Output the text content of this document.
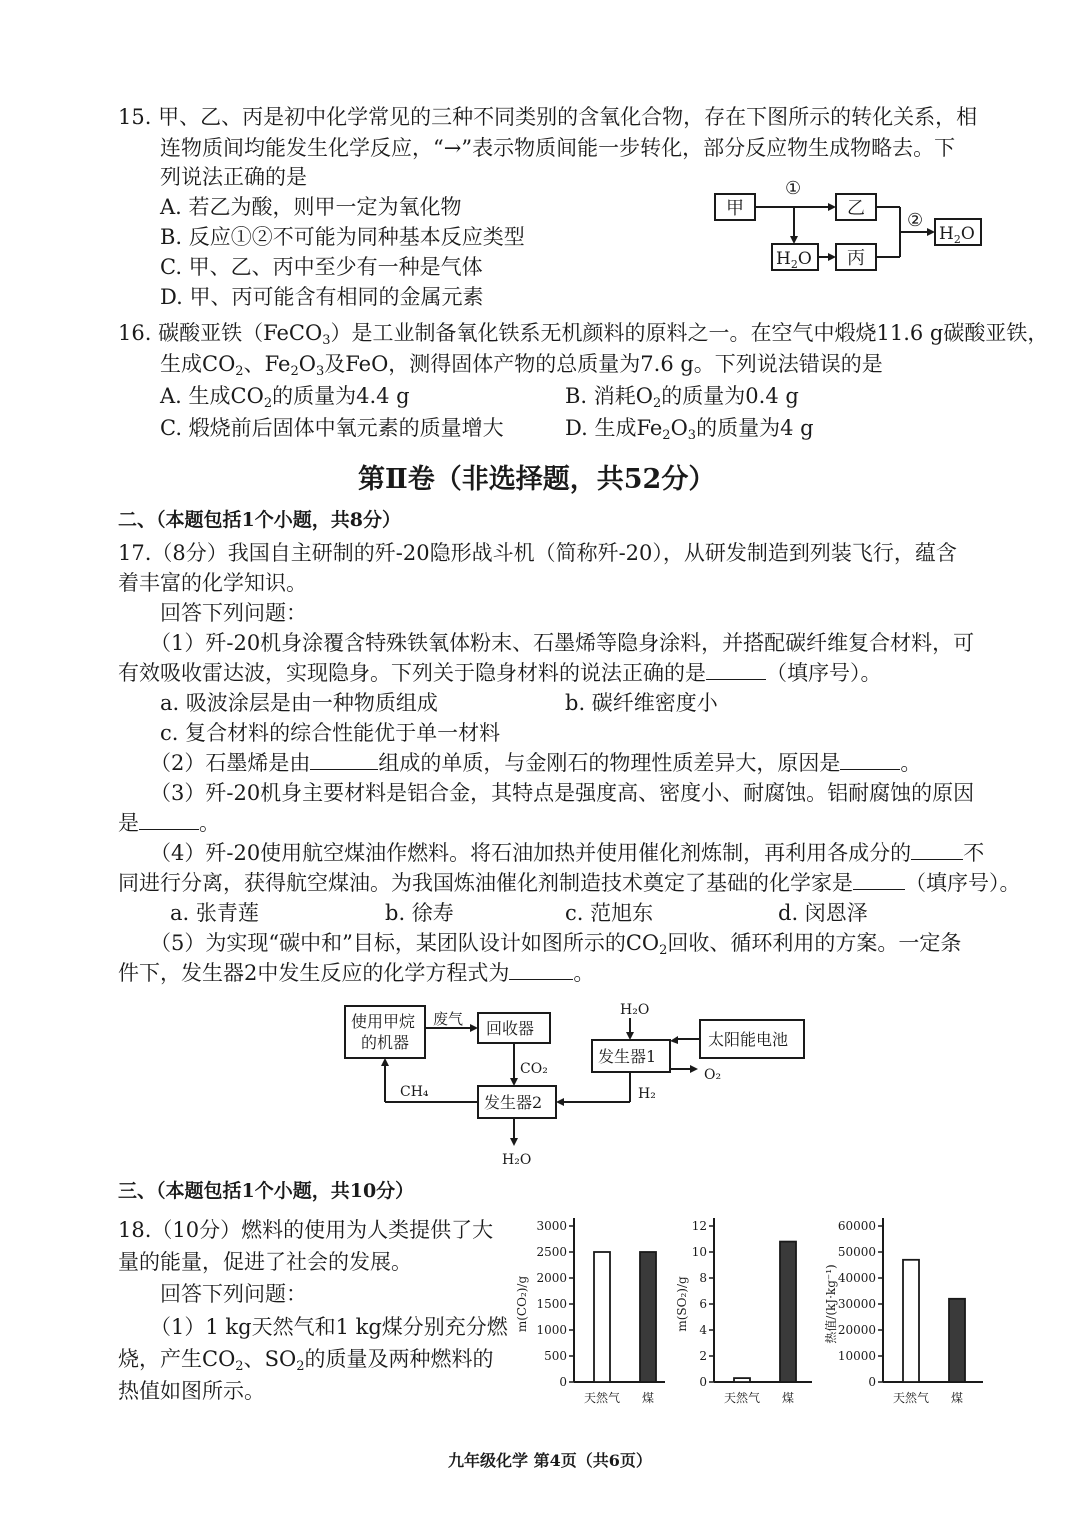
15. 甲、乙、丙是初中化学常见的三种不同类别的含氧化合物，存在下图所示的转化关系，相
连物质间均能发生化学反应，“→”表示物质间能一步转化，部分反应物生成物略去。下
列说法正确的是
A. 若乙为酸，则甲一定为氧化物
B. 反应①②不可能为同种基本反应类型
C. 甲、乙、丙中至少有一种是气体
D. 甲、丙可能含有相同的金属元素
甲	乙
$H_2O$ 丙
$H_2O$
①
②
16. 碳酸亚铁（FeCO$_3$）是工业制备氧化铁系无机颜料的原料之一。在空气中煅烧11.6 g碳酸亚铁，
生成$CO_2$、$Fe_2O_3$及FeO，测得固体产物的总质量为7.6 g。下列说法错误的是
A. 生成$CO_2$的质量为4.4 g	B. 消耗$O_2$的质量为0.4 g
C. 煅烧前后固体中氧元素的质量增大	D. 生成$Fe_2O_3$的质量为4 g
第Ⅱ卷（非选择题，共52分）
二、（本题包括1个小题，共8分）
17.（8分）我国自主研制的歼-20隐形战斗机（简称歼-20），从研发制造到列装飞行，蕴含
着丰富的化学知识。
回答下列问题：
（1）歼-20机身涂覆含特殊铁氧体粉末、石墨烯等隐身涂料，并搭配碳纤维复合材料，可
有效吸收雷达波，实现隐身。下列关于隐身材料的说法正确的是	（填序号）。
a. 吸波涂层是由一种物质组成	b. 碳纤维密度小
c. 复合材料的综合性能优于单一材料
（2）石墨烯是由	组成的单质，与金刚石的物理性质差异大，原因是	。
（3）歼-20机身主要材料是铝合金，其特点是强度高、密度小、耐腐蚀。铝耐腐蚀的原因
是	。
（4）歼-20使用航空煤油作燃料。将石油加热并使用催化剂炼制，再利用各成分的 不
同进行分离，获得航空煤油。为我国炼油催化剂制造技术奠定了基础的化学家是 （填序号）。
a. 张青莲	b. 徐寿	c. 范旭东	d. 闵恩泽
（5）为实现“碳中和”目标，某团队设计如图所示的$CO_2$回收、循环利用的方案。一定条
件下，发生器2中发生反应的化学方程式为	。
使用甲烷
的机器
回收器
发生器1
太阳能电池
发生器2
废气
CO₂
H₂O
O₂
H₂
CH₄
H₂O
三、（本题包括1个小题，共10分）
18.（10分）燃料的使用为人类提供了大
量的能量，促进了社会的发展。
回答下列问题：
（1）1 kg天然气和1 kg煤分别充分燃
烧，产生$CO_2$、$SO_2$的质量及两种燃料的
热值如图所示。	0
500
1000
1500
2000
2500
3000
m(CO₂)/g
天然气 煤
0
2
4
6
8
10
12
m(SO₂)/g
天然气 煤
0
10000
20000
30000
40000
50000
60000
热值/(kJ·kg⁻¹)
天然气 煤
九年级化学 第4页（共6页）
